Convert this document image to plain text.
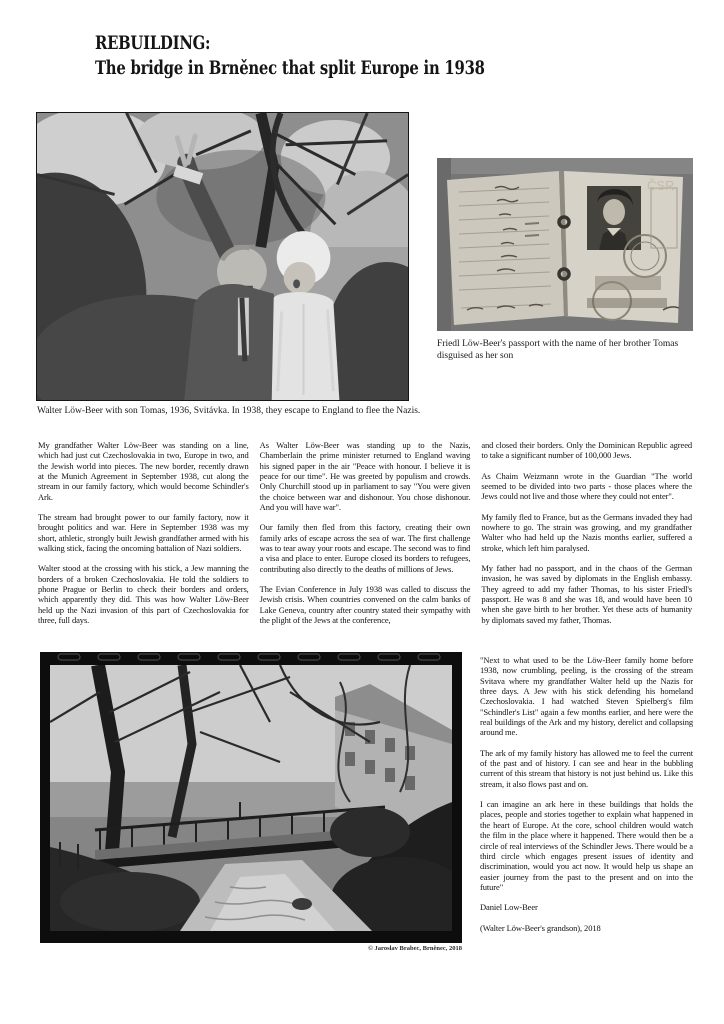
REBUILDING:
The bridge in Brněnec that split Europe in 1938
Walter Löw-Beer with son Tomas, 1936, Svitávka. In 1938, they escape to England to flee the Nazis.
ČSR
Friedl Löw-Beer's passport with the name of her brother Tomas disguised as her son

My grandfather Walter Löw-Beer was standing on a line, which had just cut Czechoslovakia in two, Europe in two, and the Jewish world into pieces. The new border, recently drawn at the Munich Agreement in September 1938, cut along the stream in our family factory, which would become Schindler's Ark.

The stream had brought power to our family factory, now it brought politics and war. Here in September 1938 was my short, athletic, strongly built Jewish grandfather armed with his walking stick, facing the oncoming battalion of Nazi soldiers.

Walter stood at the crossing with his stick, a Jew manning the borders of a broken Czechoslovakia. He told the soldiers to phone Prague or Berlin to check their borders and orders, which apparently they did. This was how Walter Löw-Beer held up the Nazi invasion of this part of Czechoslovakia for three, full days.

As Walter Löw-Beer was standing up to the Nazis, Chamberlain the prime minister returned to England waving his signed paper in the air "Peace with honour. I believe it is peace for our time". He was greeted by populism and crowds. Only Churchill stood up in parliament to say "You were given the choice between war and dishonour. You chose dishonour. And you will have war".

Our family then fled from this factory, creating their own family arks of escape across the sea of war. The first challenge was to tear away your roots and escape. The second was to find a visa and place to enter. Europe closed its borders to refugees, contributing also directly to the deaths of millions of Jews.

The Evian Conference in July 1938 was called to discuss the Jewish crisis. When countries convened on the calm banks of Lake Geneva, country after country stated their sympathy with the plight of the Jews at the conference,

and closed their borders. Only the Dominican Republic agreed to take a significant number of 100,000 Jews.

As Chaim Weizmann wrote in the Guardian "The world seemed to be divided into two parts - those places where the Jews could not live and those where they could not enter".

My family fled to France, but as the Germans invaded they had nowhere to go. The strain was growing, and my grandfather Walter who had held up the Nazis months earlier, suffered a stroke, which left him paralysed.

My father had no passport, and in the chaos of the German invasion, he was saved by diplomats in the English embassy. They agreed to add my father Thomas, to his sister Friedl's passport. He was 8 and she was 18, and would have been 10 when she gave birth to her brother. Yet these acts of humanity by diplomats saved my father, Thomas.

© Jaroslav Brabec, Brněnec, 2018

"Next to what used to be the Löw-Beer family home before 1938, now crumbling, peeling, is the crossing of the stream Svitava where my grandfather Walter held up the Nazis for three days. A Jew with his stick defending his homeland Czechoslovakia. I had watched Steven Spielberg's film "Schindler's List" again a few months earlier, and here were the real buildings of the Ark and my history, derelict and collapsing around me.

The ark of my family history has allowed me to feel the current of the past and of history. I can see and hear in the bubbling current of this stream that history is not just behind us. Like this stream, it also flows past and on.

I can imagine an ark here in these buildings that holds the places, people and stories together to explain what happened in the heart of Europe. At the core, school children would watch the film in the place where it happened. There would then be a circle of real interviews of the Schindler Jews. There would be a third circle which engages present issues of identity and discrimination, would you act now. It would help us shape an easier journey from the past to the present and on into the future"

Daniel Low-Beer

(Walter Löw-Beer's grandson), 2018
